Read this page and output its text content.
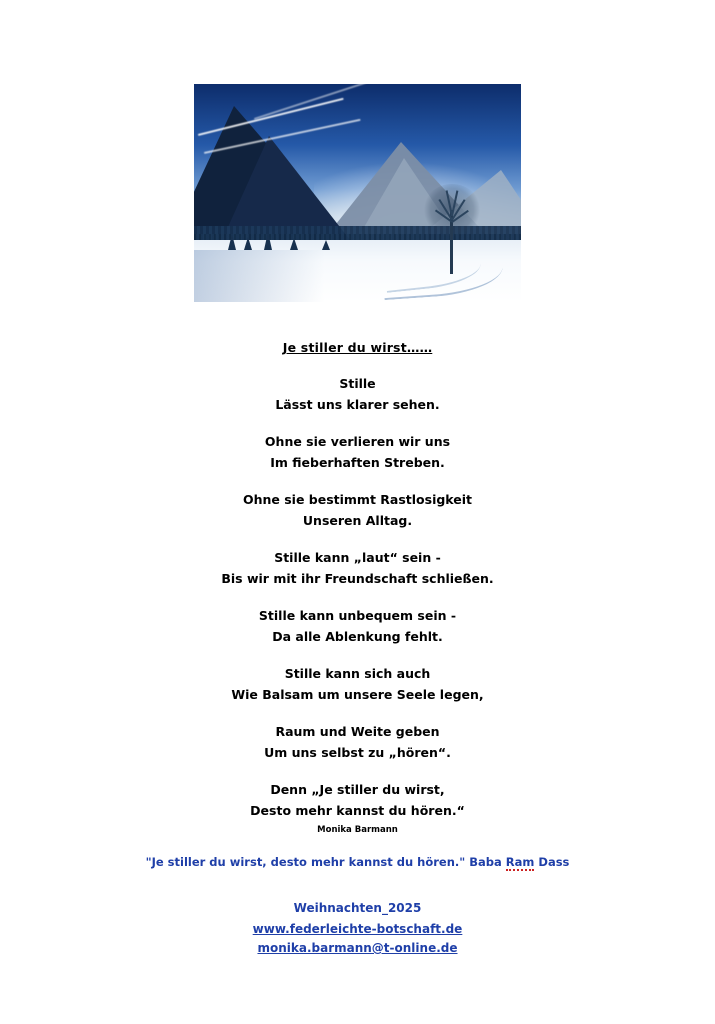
Je stiller du wirst……
Stille
Lässt uns klarer sehen.
Ohne sie verlieren wir uns
Im fieberhaften Streben.
Ohne sie bestimmt Rastlosigkeit
Unseren Alltag.
Stille kann „laut“ sein -
Bis wir mit ihr Freundschaft schließen.
Stille kann unbequem sein -
Da alle Ablenkung fehlt.
Stille kann sich auch
Wie Balsam um unsere Seele legen,
Raum und Weite geben
Um uns selbst zu „hören“.
Denn „Je stiller du wirst,
Desto mehr kannst du hören.“
Monika Barmann
"Je stiller du wirst, desto mehr kannst du hören." Baba Ram Dass
Weihnachten_2025
www.federleichte-botschaft.de
monika.barmann@t-online.de
